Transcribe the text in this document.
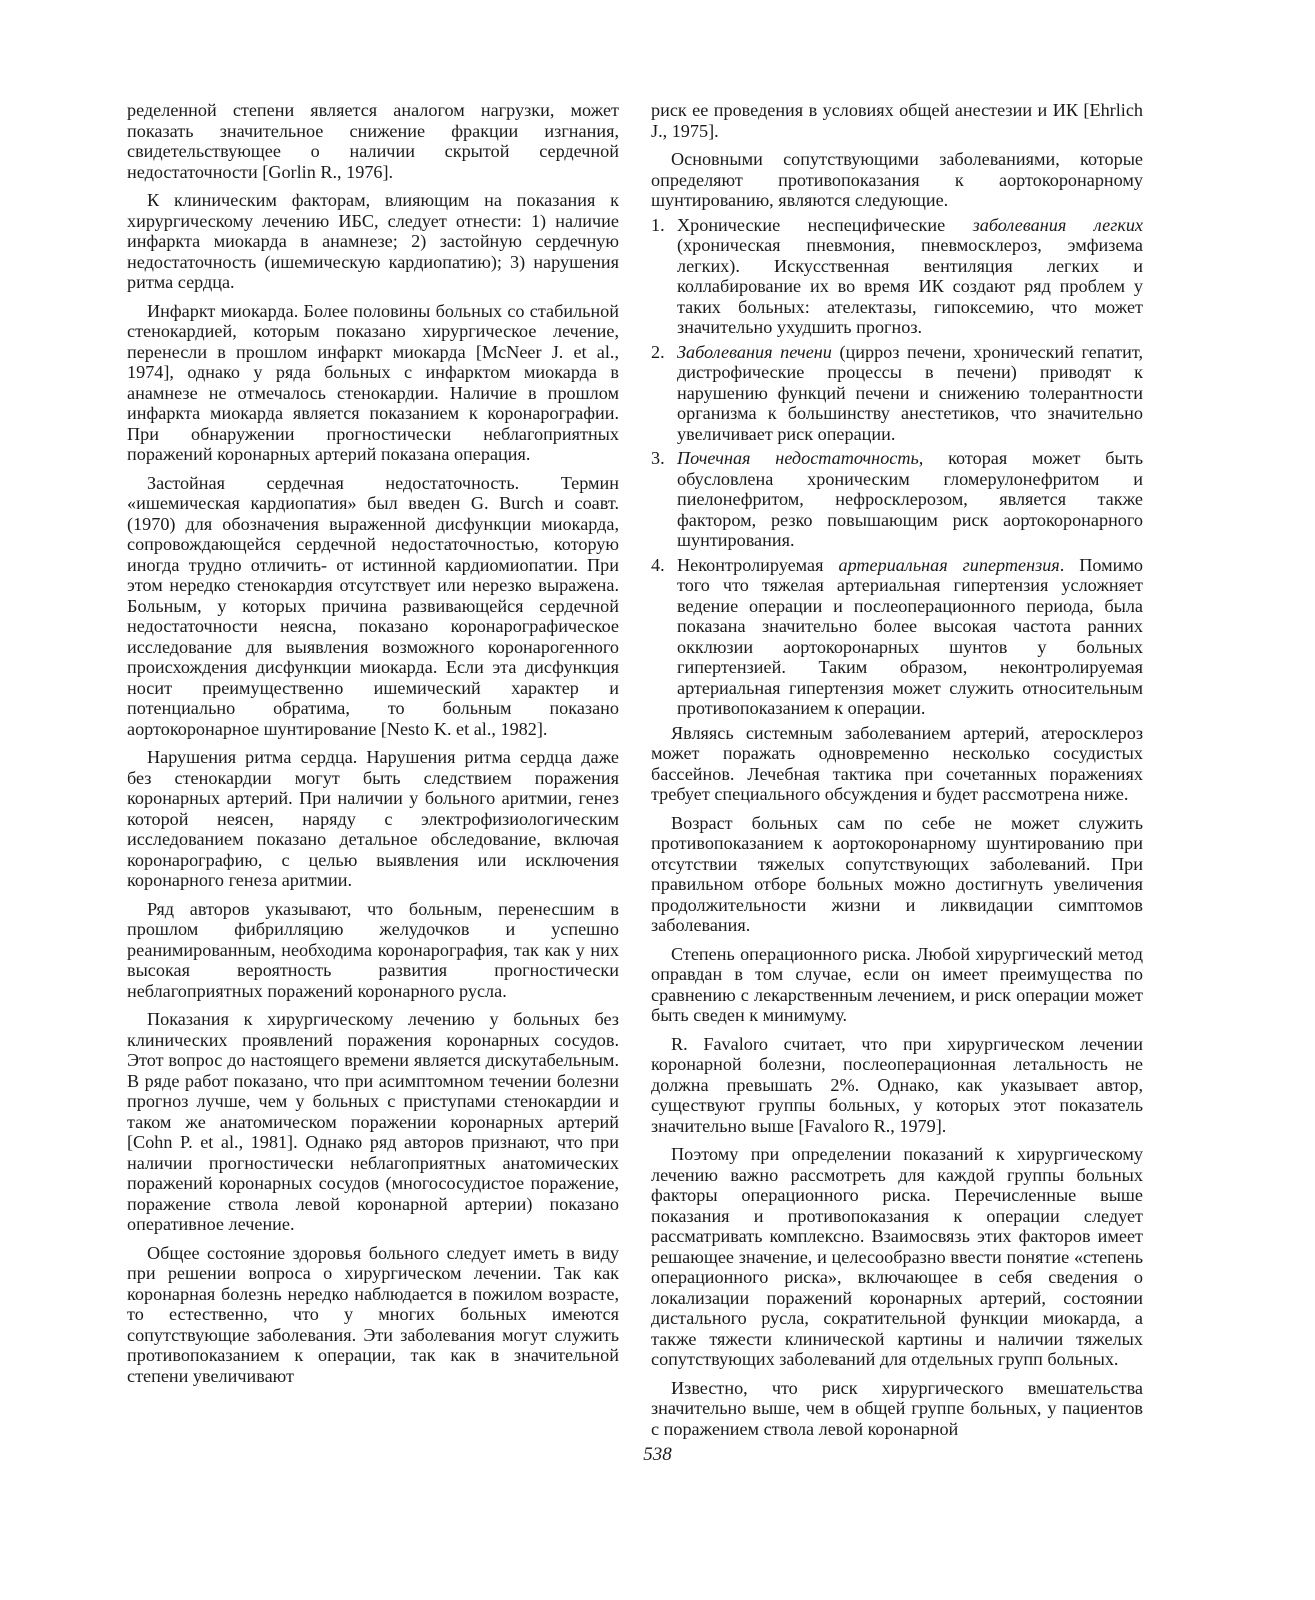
ределенной степени является аналогом нагрузки, может показать значительное снижение фракции изгнания, свидетельствующее о наличии скрытой сердечной недостаточности [Gorlin R., 1976].

К клиническим факторам, влияющим на показания к хирургическому лечению ИБС, следует отнести: 1) наличие инфаркта миокарда в анамнезе; 2) застойную сердечную недостаточность (ишемическую кардиопатию); 3) нарушения ритма сердца.

Инфаркт миокарда. Более половины больных со стабильной стенокардией, которым показано хирургическое лечение, перенесли в прошлом инфаркт миокарда [McNeer J. et al., 1974], однако у ряда больных с инфарктом миокарда в анамнезе не отмечалось стенокардии. Наличие в прошлом инфаркта миокарда является показанием к коронарографии. При обнаружении прогностически неблагоприятных поражений коронарных артерий показана операция.

Застойная сердечная недостаточность. Термин «ишемическая кардиопатия» был введен G. Burch и соавт. (1970) для обозначения выраженной дисфункции миокарда, сопровождающейся сердечной недостаточностью, которую иногда трудно отличить- от истинной кардиомиопатии. При этом нередко стенокардия отсутствует или нерезко выражена. Больным, у которых причина развивающейся сердечной недостаточности неясна, показано коронарографическое исследование для выявления возможного коронарогенного происхождения дисфункции миокарда. Если эта дисфункция носит преимущественно ишемический характер и потенциально обратима, то больным показано аортокоронарное шунтирование [Nesto K. et al., 1982].

Нарушения ритма сердца. Нарушения ритма сердца даже без стенокардии могут быть следствием поражения коронарных артерий. При наличии у больного аритмии, генез которой неясен, наряду с электрофизиологическим исследованием показано детальное обследование, включая коронарографию, с целью выявления или исключения коронарного генеза аритмии.

Ряд авторов указывают, что больным, перенесшим в прошлом фибрилляцию желудочков и успешно реанимированным, необходима коронарография, так как у них высокая вероятность развития прогностически неблагоприятных поражений коронарного русла.

Показания к хирургическому лечению у больных без клинических проявлений поражения коронарных сосудов. Этот вопрос до настоящего времени является дискутабельным. В ряде работ показано, что при асимптомном течении болезни прогноз лучше, чем у больных с приступами стенокардии и таком же анатомическом поражении коронарных артерий [Cohn P. et al., 1981]. Однако ряд авторов признают, что при наличии прогностически неблагоприятных анатомических поражений коронарных сосудов (многососудистое поражение, поражение ствола левой коронарной артерии) показано оперативное лечение.

Общее состояние здоровья больного следует иметь в виду при решении вопроса о хирургическом лечении. Так как коронарная болезнь нередко наблюдается в пожилом возрасте, то естественно, что у многих больных имеются сопутствующие заболевания. Эти заболевания могут служить противопоказанием к операции, так как в значительной степени увеличивают

риск ее проведения в условиях общей анестезии и ИК [Ehrlich J., 1975].

Основными сопутствующими заболеваниями, которые определяют противопоказания к аортокоронарному шунтированию, являются следующие.

1. Хронические неспецифические заболевания легких (хроническая пневмония, пневмосклероз, эмфизема легких). Искусственная вентиляция легких и коллабирование их во время ИК создают ряд проблем у таких больных: ателектазы, гипоксемию, что может значительно ухудшить прогноз.
2. Заболевания печени (цирроз печени, хронический гепатит, дистрофические процессы в печени) приводят к нарушению функций печени и снижению толерантности организма к большинству анестетиков, что значительно увеличивает риск операции.
3. Почечная недостаточность, которая может быть обусловлена хроническим гломерулонефритом и пиелонефритом, нефросклерозом, является также фактором, резко повышающим риск аортокоронарного шунтирования.
4. Неконтролируемая артериальная гипертензия. Помимо того что тяжелая артериальная гипертензия усложняет ведение операции и послеоперационного периода, была показана значительно более высокая частота ранних окклюзии аортокоронарных шунтов у больных гипертензией. Таким образом, неконтролируемая артериальная гипертензия может служить относительным противопоказанием к операции.

Являясь системным заболеванием артерий, атеросклероз может поражать одновременно несколько сосудистых бассейнов. Лечебная тактика при сочетанных поражениях требует специального обсуждения и будет рассмотрена ниже.

Возраст больных сам по себе не может служить противопоказанием к аортокоронарному шунтированию при отсутствии тяжелых сопутствующих заболеваний. При правильном отборе больных можно достигнуть увеличения продолжительности жизни и ликвидации симптомов заболевания.

Степень операционного риска. Любой хирургический метод оправдан в том случае, если он имеет преимущества по сравнению с лекарственным лечением, и риск операции может быть сведен к минимуму.

R. Favaloro считает, что при хирургическом лечении коронарной болезни, послеоперационная летальность не должна превышать 2%. Однако, как указывает автор, существуют группы больных, у которых этот показатель значительно выше [Favaloro R., 1979].

Поэтому при определении показаний к хирургическому лечению важно рассмотреть для каждой группы больных факторы операционного риска. Перечисленные выше показания и противопоказания к операции следует рассматривать комплексно. Взаимосвязь этих факторов имеет решающее значение, и целесообразно ввести понятие «степень операционного риска», включающее в себя сведения о локализации поражений коронарных артерий, состоянии дистального русла, сократительной функции миокарда, а также тяжести клинической картины и наличии тяжелых сопутствующих заболеваний для отдельных групп больных.

Известно, что риск хирургического вмешательства значительно выше, чем в общей группе больных, у пациентов с поражением ствола левой коронарной

538
